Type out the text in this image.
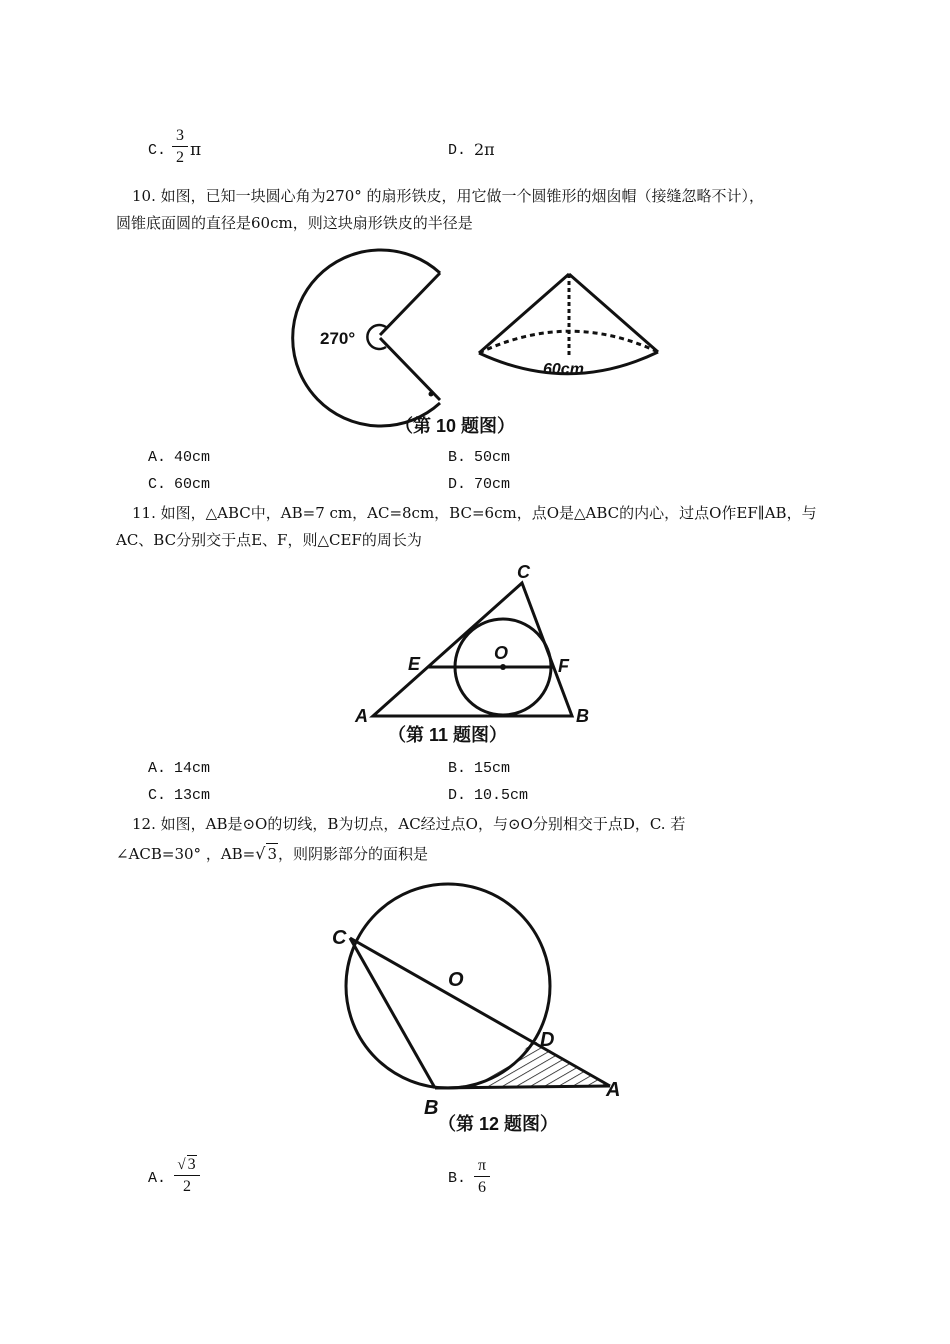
C.
3
2 π	D. 2π
10. 如图，已知一块圆心角为270° 的扇形铁皮，用它做一个圆锥形的烟囱帽（接缝忽略不计），
圆锥底面圆的直径是60cm，则这块扇形铁皮的半径是
270°
60cm
（第 10 题图）
A. 40cm	B. 50cm
C. 60cm	D. 70cm
11. 如图，△ABC中，AB=7 cm，AC=8cm，BC=6cm，点O是△ABC的内心，过点O作EF∥AB，与
AC、BC分别交于点E、F，则△CEF的周长为
A	B
C
E	F
O
（第 11 题图）
A. 14cm	B. 15cm
C. 13cm	D. 10.5cm
12. 如图，AB是⊙O的切线，B为切点，AC经过点O，与⊙O分别相交于点D，C. 若
∠ACB=30° ，AB=√ 3，则阴影部分的面积是
C
O
D
A
B
（第 12 题图）
A.
√ 3
2	B.
π
6
